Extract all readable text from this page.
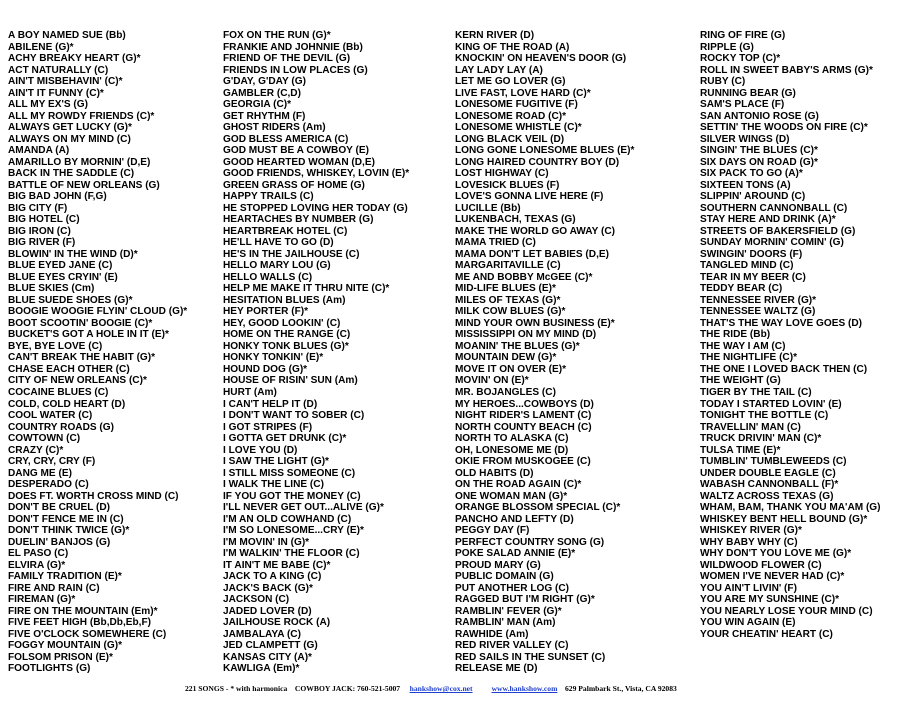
A BOY NAMED SUE (Bb)
ABILENE (G)*
ACHY BREAKY HEART (G)*
ACT NATURALLY (C)
AIN'T MISBEHAVIN' (C)*
AIN'T IT FUNNY (C)*
ALL MY EX'S (G)
ALL MY ROWDY FRIENDS (C)*
ALWAYS GET LUCKY (G)*
ALWAYS ON MY MIND (C)
AMANDA (A)
AMARILLO BY MORNIN' (D,E)
BACK IN THE SADDLE (C)
BATTLE OF NEW ORLEANS (G)
BIG BAD JOHN (F,G)
BIG CITY (F)
BIG HOTEL (C)
BIG IRON (C)
BIG RIVER (F)
BLOWIN' IN THE WIND (D)*
BLUE EYED JANE (C)
BLUE EYES CRYIN' (E)
BLUE SKIES (Cm)
BLUE SUEDE SHOES (G)*
BOOGIE WOOGIE FLYIN' CLOUD (G)*
BOOT SCOOTIN' BOOGIE (C)*
BUCKET'S GOT A HOLE IN IT (E)*
BYE, BYE LOVE (C)
CAN'T BREAK THE HABIT (G)*
CHASE EACH OTHER (C)
CITY OF NEW ORLEANS (C)*
COCAINE BLUES (C)
COLD, COLD HEART (D)
COOL WATER (C)
COUNTRY ROADS (G)
COWTOWN (C)
CRAZY (C)*
CRY, CRY, CRY (F)
DANG ME (E)
DESPERADO (C)
DOES FT. WORTH CROSS MIND (C)
DON'T BE CRUEL (D)
DON'T FENCE ME IN (C)
DON'T THINK TWICE (G)*
DUELIN' BANJOS (G)
EL PASO (C)
ELVIRA (G)*
FAMILY TRADITION (E)*
FIRE AND RAIN (C)
FIREMAN (G)*
FIRE ON THE MOUNTAIN (Em)*
FIVE FEET HIGH (Bb,Db,Eb,F)
FIVE O'CLOCK SOMEWHERE (C)
FOGGY MOUNTAIN (G)*
FOLSOM PRISON (E)*
FOOTLIGHTS (G)
FOX ON THE RUN (G)*
FRANKIE AND JOHNNIE (Bb)
FRIEND OF THE DEVIL (G)
FRIENDS IN LOW PLACES (G)
G'DAY, G'DAY (G)
GAMBLER (C,D)
GEORGIA (C)*
GET RHYTHM (F)
GHOST RIDERS (Am)
GOD BLESS AMERICA (C)
GOD MUST BE A COWBOY (E)
GOOD HEARTED WOMAN (D,E)
GOOD FRIENDS, WHISKEY, LOVIN (E)*
GREEN GRASS OF HOME (G)
HAPPY TRAILS (C)
HE STOPPED LOVING HER TODAY (G)
HEARTACHES BY NUMBER (G)
HEARTBREAK HOTEL (C)
HE'LL HAVE TO GO (D)
HE'S IN THE JAILHOUSE (C)
HELLO MARY LOU (G)
HELLO WALLS (C)
HELP ME MAKE IT THRU NITE (C)*
HESITATION BLUES (Am)
HEY PORTER (F)*
HEY, GOOD LOOKIN' (C)
HOME ON THE RANGE (C)
HONKY TONK BLUES (G)*
HONKY TONKIN' (E)*
HOUND DOG (G)*
HOUSE OF RISIN' SUN (Am)
HURT (Am)
I CAN'T HELP IT (D)
I DON'T WANT TO SOBER (C)
I GOT STRIPES (F)
I GOTTA GET DRUNK (C)*
I LOVE YOU (D)
I SAW THE LIGHT (G)*
I STILL MISS SOMEONE (C)
I WALK THE LINE (C)
IF YOU GOT THE MONEY (C)
I'LL NEVER GET OUT...ALIVE (G)*
I'M AN OLD COWHAND (C)
I'M SO LONESOME...CRY (E)*
I'M MOVIN' IN (G)*
I'M WALKIN' THE FLOOR (C)
IT AIN'T ME BABE (C)*
JACK TO A KING (C)
JACK'S BACK (G)*
JACKSON (C)
JADED LOVER (D)
JAILHOUSE ROCK (A)
JAMBALAYA (C)
JED CLAMPETT (G)
KANSAS CITY (A)*
KAWLIGA (Em)*
KERN RIVER (D)
KING OF THE ROAD (A)
KNOCKIN' ON HEAVEN'S DOOR (G)
LAY LADY LAY (A)
LET ME GO LOVER (G)
LIVE FAST, LOVE HARD (C)*
LONESOME FUGITIVE (F)
LONESOME ROAD (C)*
LONESOME WHISTLE (C)*
LONG BLACK VEIL (D)
LONG GONE LONESOME BLUES (E)*
LONG HAIRED COUNTRY BOY (D)
LOST HIGHWAY (C)
LOVESICK BLUES (F)
LOVE'S GONNA LIVE HERE (F)
LUCILLE (Bb)
LUKENBACH, TEXAS (G)
MAKE THE WORLD GO AWAY (C)
MAMA TRIED (C)
MAMA DON'T LET BABIES (D,E)
MARGARITAVILLE (C)
ME AND BOBBY McGEE (C)*
MID-LIFE BLUES (E)*
MILES OF TEXAS (G)*
MILK COW BLUES (G)*
MIND YOUR OWN BUSINESS (E)*
MISSISSIPPI ON MY MIND (D)
MOANIN' THE BLUES (G)*
MOUNTAIN DEW (G)*
MOVE IT ON OVER (E)*
MOVIN' ON (E)*
MR. BOJANGLES (C)
MY HEROES...COWBOYS (D)
NIGHT RIDER'S LAMENT (C)
NORTH COUNTY BEACH (C)
NORTH TO ALASKA (C)
OH, LONESOME ME (D)
OKIE FROM MUSKOGEE (C)
OLD HABITS (D)
ON THE ROAD AGAIN (C)*
ONE WOMAN MAN (G)*
ORANGE BLOSSOM SPECIAL (C)*
PANCHO AND LEFTY (D)
PEGGY DAY (F)
PERFECT COUNTRY SONG (G)
POKE SALAD ANNIE (E)*
PROUD MARY (G)
PUBLIC DOMAIN (G)
PUT ANOTHER LOG (C)
RAGGED BUT I'M RIGHT (G)*
RAMBLIN' FEVER (G)*
RAMBLIN' MAN (Am)
RAWHIDE (Am)
RED RIVER VALLEY (C)
RED SAILS IN THE SUNSET (C)
RELEASE ME (D)
RING OF FIRE (G)
RIPPLE (G)
ROCKY TOP (C)*
ROLL IN SWEET BABY'S ARMS (G)*
RUBY (C)
RUNNING BEAR (G)
SAM'S PLACE (F)
SAN ANTONIO ROSE (G)
SETTIN' THE WOODS ON FIRE (C)*
SILVER WINGS (D)
SINGIN' THE BLUES (C)*
SIX DAYS ON ROAD (G)*
SIX PACK TO GO (A)*
SIXTEEN TONS (A)
SLIPPIN' AROUND (C)
SOUTHERN CANNONBALL (C)
STAY HERE AND DRINK (A)*
STREETS OF BAKERSFIELD (G)
SUNDAY MORNIN' COMIN' (G)
SWINGIN' DOORS (F)
TANGLED MIND (C)
TEAR IN MY BEER (C)
TEDDY BEAR (C)
TENNESSEE RIVER (G)*
TENNESSEE WALTZ (G)
THAT'S THE WAY LOVE GOES (D)
THE RIDE (Bb)
THE WAY I AM (C)
THE NIGHTLIFE (C)*
THE ONE I LOVED BACK THEN (C)
THE WEIGHT (G)
TIGER BY THE TAIL (C)
TODAY I STARTED LOVIN' (E)
TONIGHT THE BOTTLE (C)
TRAVELLIN' MAN (C)
TRUCK DRIVIN' MAN (C)*
TULSA TIME (E)*
TUMBLIN' TUMBLEWEEDS (C)
UNDER DOUBLE EAGLE (C)
WABASH CANNONBALL (F)*
WALTZ ACROSS TEXAS (G)
WHAM, BAM, THANK YOU MA'AM (G)
WHISKEY BENT HELL BOUND (G)*
WHISKEY RIVER (G)*
WHY BABY WHY (C)
WHY DON'T YOU LOVE ME (G)*
WILDWOOD FLOWER (C)
WOMEN I'VE NEVER HAD (C)*
YOU AIN'T LIVIN' (F)
YOU ARE MY SUNSHINE (C)*
YOU NEARLY LOSE YOUR MIND (C)
YOU WIN AGAIN (E)
YOUR CHEATIN' HEART (C)
221 SONGS - * with harmonica COWBOY JACK: 760-521-5007 hankshow@cox.net www.hankshow.com 629 Palmbark St., Vista, CA 92083
